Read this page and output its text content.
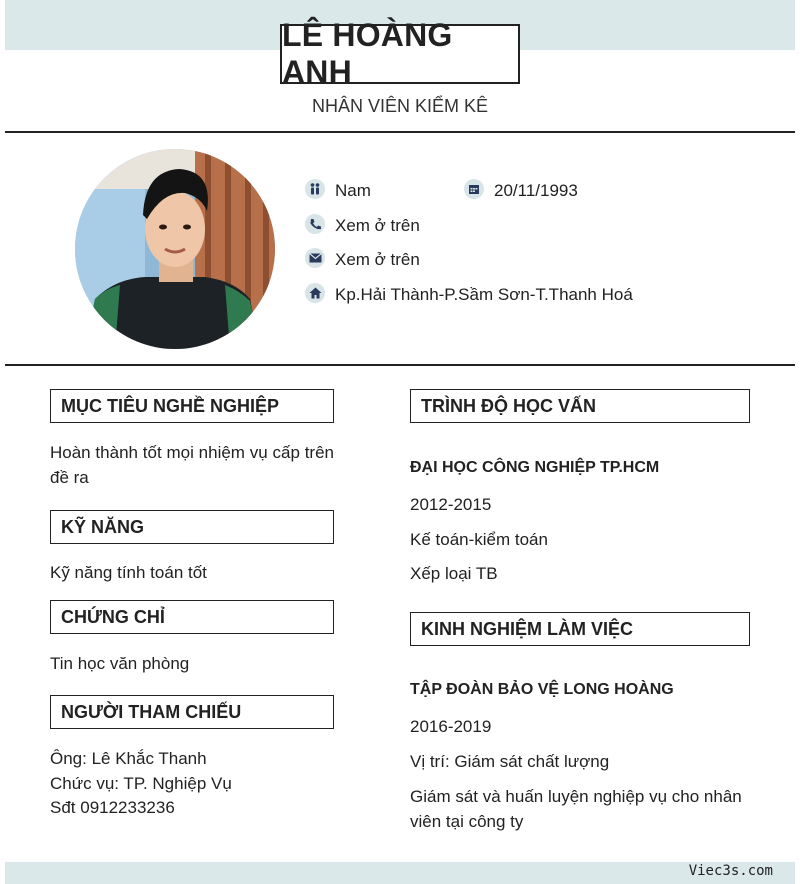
LÊ HOÀNG ANH
NHÂN VIÊN KIỂM KÊ
Nam	20/11/1993
Xem ở trên
Xem ở trên
Kp.Hải Thành-P.Sầm Sơn-T.Thanh Hoá
MỤC TIÊU NGHỀ NGHIỆP
Hoàn thành tốt mọi nhiệm vụ cấp trên đề ra
KỸ NĂNG
Kỹ năng tính toán tốt
CHỨNG CHỈ
Tin học văn phòng
NGƯỜI THAM CHIẾU
Ông: Lê Khắc Thanh
Chức vụ: TP. Nghiệp Vụ
Sđt 0912233236
TRÌNH ĐỘ HỌC VẤN
ĐẠI HỌC CÔNG NGHIỆP TP.HCM
2012-2015
Kế toán-kiểm toán
Xếp loại TB
KINH NGHIỆM LÀM VIỆC
TẬP ĐOÀN BẢO VỆ LONG HOÀNG
2016-2019
Vị trí: Giám sát chất lượng
Giám sát và huấn luyện nghiệp vụ cho nhân viên tại công ty
Viec3s.com
